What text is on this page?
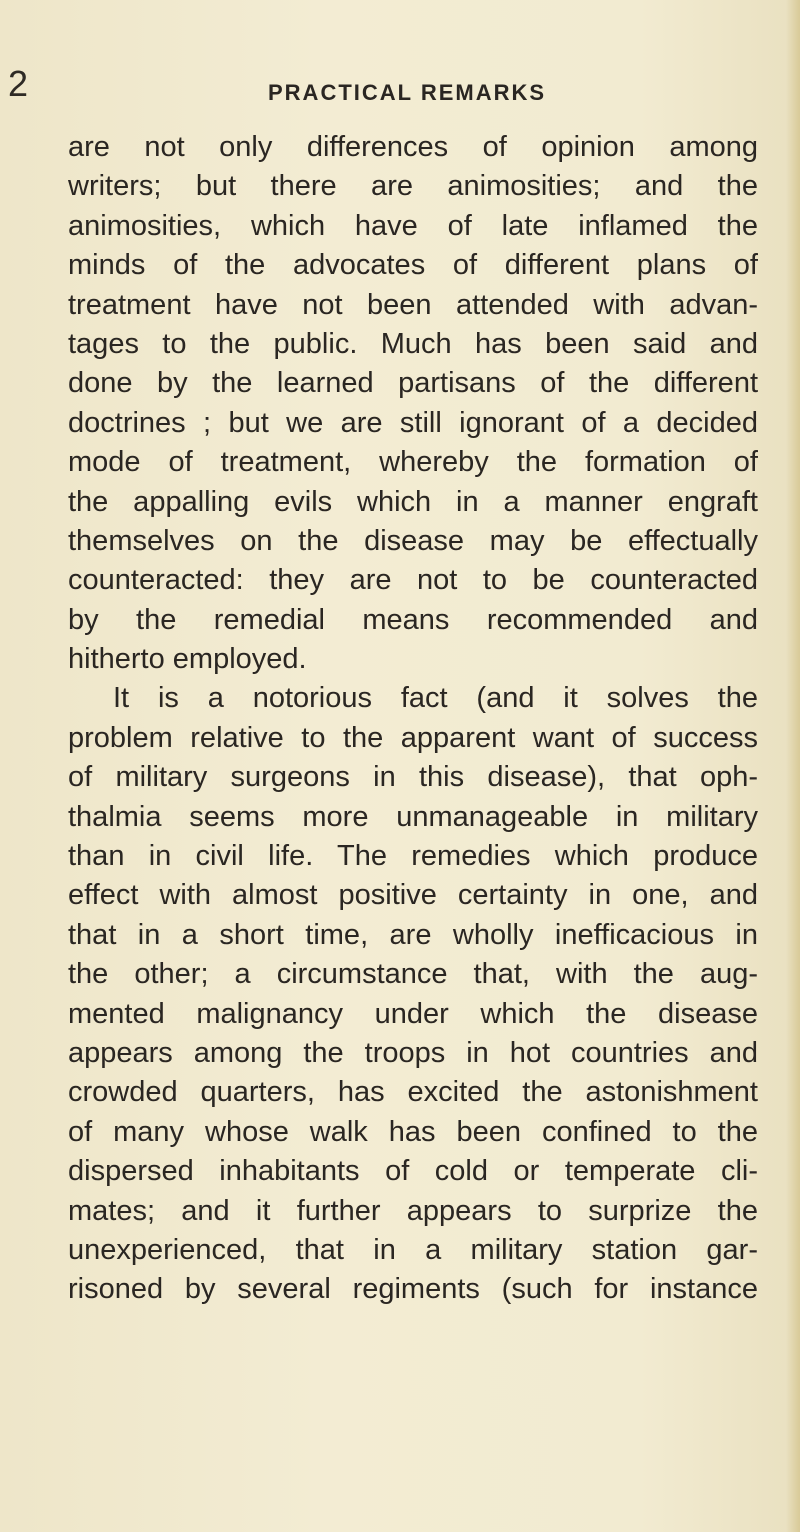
2	PRACTICAL REMARKS
are not only differences of opinion among
writers; but there are animosities; and the
animosities, which have of late inflamed the
minds of the advocates of different plans of
treatment have not been attended with advan-
tages to the public. Much has been said and
done by the learned partisans of the different
doctrines ; but we are still ignorant of a decided
mode of treatment, whereby the formation of
the appalling evils which in a manner engraft
themselves on the disease may be effectually
counteracted: they are not to be counteracted
by the remedial means recommended and
hitherto employed.
It is a notorious fact (and it solves the
problem relative to the apparent want of success
of military surgeons in this disease), that oph-
thalmia seems more unmanageable in military
than in civil life. The remedies which produce
effect with almost positive certainty in one, and
that in a short time, are wholly inefficacious in
the other; a circumstance that, with the aug-
mented malignancy under which the disease
appears among the troops in hot countries and
crowded quarters, has excited the astonishment
of many whose walk has been confined to the
dispersed inhabitants of cold or temperate cli-
mates; and it further appears to surprize the
unexperienced, that in a military station gar-
risoned by several regiments (such for instance
